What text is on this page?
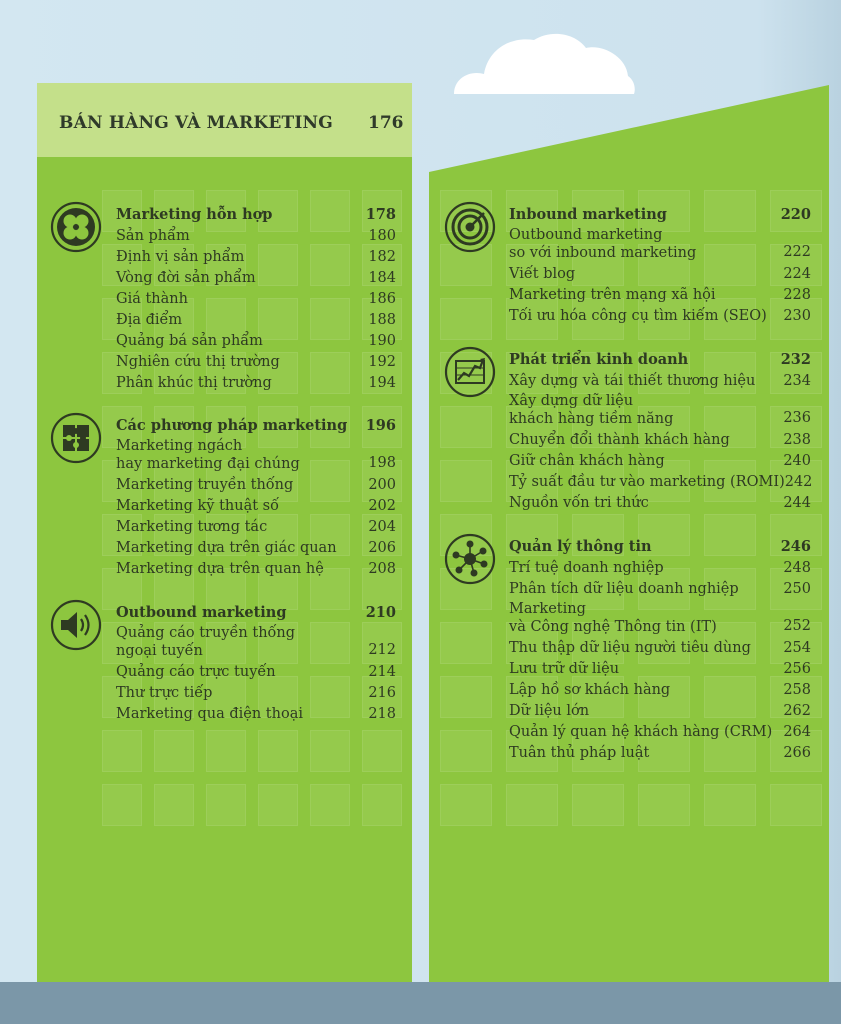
BÁN HÀNG VÀ MARKETING 176
Marketing hỗn hợp	178
Sản phẩm	180
Định vị sản phẩm	182
Vòng đời sản phẩm	184
Giá thành	186
Địa điểm	188
Quảng bá sản phẩm	190
Nghiên cứu thị trường	192
Phân khúc thị trường	194
Các phương pháp marketing 196
Marketing ngách
hay marketing đại chúng	198
Marketing truyền thống	200
Marketing kỹ thuật số	202
Marketing tương tác	204
Marketing dựa trên giác quan 206
Marketing dựa trên quan hệ	208
Outbound marketing	210
Quảng cáo truyền thống
ngoại tuyến	212
Quảng cáo trực tuyến	214
Thư trực tiếp	216
Marketing qua điện thoại	218
Inbound marketing	220
Outbound marketing
so với inbound marketing	222
Viết blog	224
Marketing trên mạng xã hội	228
Tối ưu hóa công cụ tìm kiếm (SEO) 230
Phát triển kinh doanh	232
Xây dựng và tái thiết thương hiệu 234
Xây dựng dữ liệu
khách hàng tiềm năng	236
Chuyển đổi thành khách hàng	238
Giữ chân khách hàng	240
Tỷ suất đầu tư vào marketing (ROMI) 242
Nguồn vốn tri thức	244
Quản lý thông tin	246
Trí tuệ doanh nghiệp	248
Phân tích dữ liệu doanh nghiệp	250
Marketing
và Công nghệ Thông tin (IT)	252
Thu thập dữ liệu người tiêu dùng 254
Lưu trữ dữ liệu	256
Lập hồ sơ khách hàng	258
Dữ liệu lớn	262
Quản lý quan hệ khách hàng (CRM) 264
Tuân thủ pháp luật	266
